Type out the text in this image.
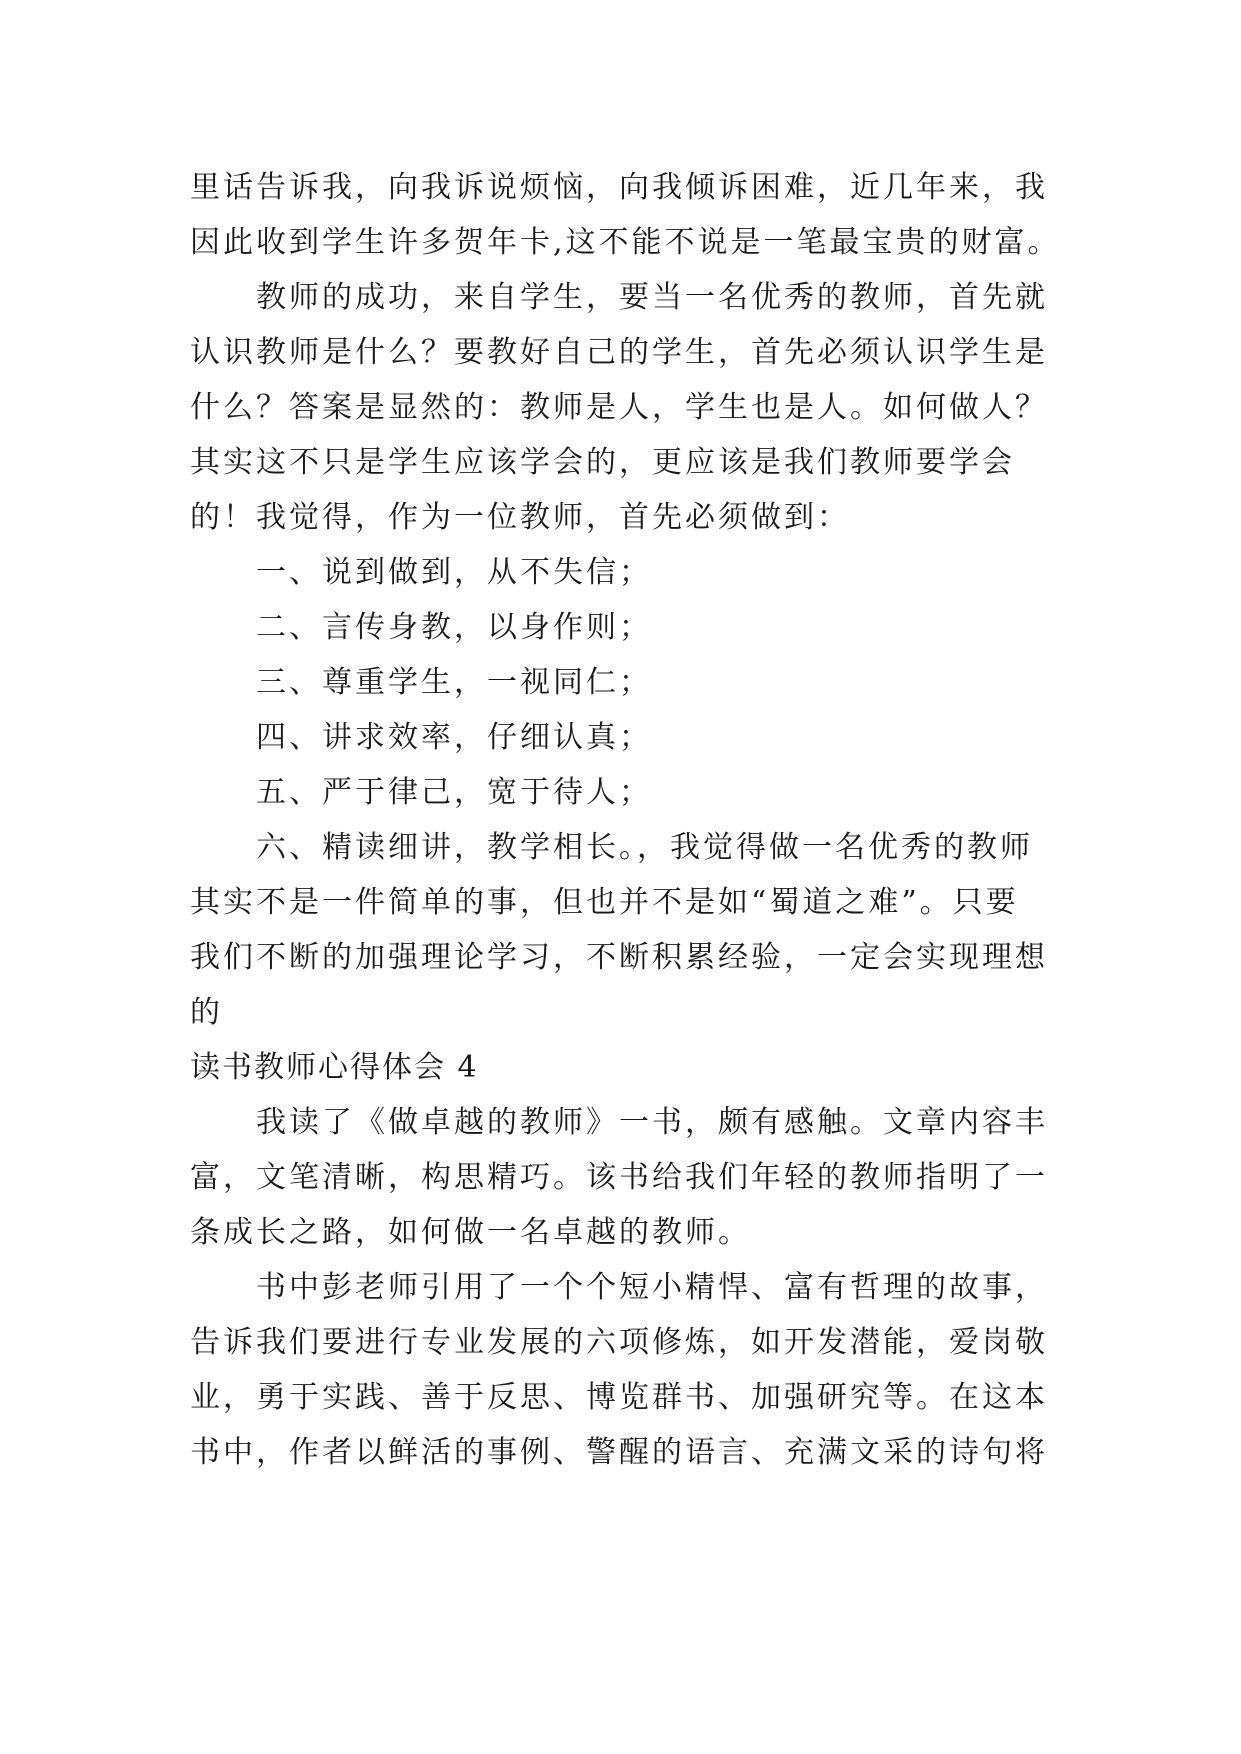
里话告诉我，向我诉说烦恼，向我倾诉困难，近几年来，我
因此收到学生许多贺年卡,这不能不说是一笔最宝贵的财富。
教师的成功，来自学生，要当一名优秀的教师，首先就
认识教师是什么？要教好自己的学生，首先必须认识学生是
什么？答案是显然的：教师是人，学生也是人。如何做人？
其实这不只是学生应该学会的，更应该是我们教师要学会
的！我觉得，作为一位教师，首先必须做到：
一、说到做到，从不失信；
二、言传身教，以身作则；
三、尊重学生，一视同仁；
四、讲求效率，仔细认真；
五、严于律己，宽于待人；
六、精读细讲，教学相长。，我觉得做一名优秀的教师
其实不是一件简单的事，但也并不是如“蜀道之难”。只要
我们不断的加强理论学习，不断积累经验，一定会实现理想
的
读书教师心得体会 4
我读了《做卓越的教师》一书，颇有感触。文章内容丰
富，文笔清晰，构思精巧。该书给我们年轻的教师指明了一
条成长之路，如何做一名卓越的教师。
书中彭老师引用了一个个短小精悍、富有哲理的故事，
告诉我们要进行专业发展的六项修炼，如开发潜能，爱岗敬
业，勇于实践、善于反思、博览群书、加强研究等。在这本
书中，作者以鲜活的事例、警醒的语言、充满文采的诗句将
